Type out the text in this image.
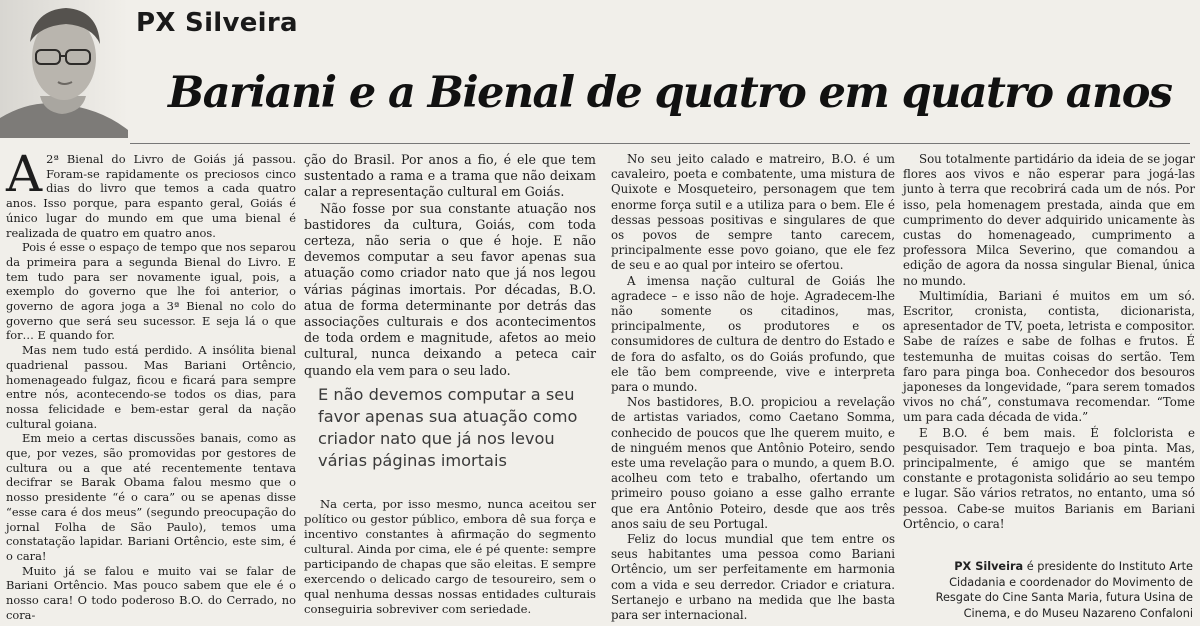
PX Silveira
Bariani e a Bienal de quatro em quatro anos

A 2ª Bienal do Livro de Goiás já passou. Foram-se rapidamente os preciosos cinco dias do livro que temos a cada quatro anos. Isso porque, para espanto geral, Goiás é único lugar do mundo em que uma bienal é realizada de quatro em quatro anos.

Pois é esse o espaço de tempo que nos separou da primeira para a segunda Bienal do Livro. E tem tudo para ser novamente igual, pois, a exemplo do governo que lhe foi anterior, o governo de agora joga a 3ª Bienal no colo do governo que será seu sucessor. E seja lá o que for… E quando for.

Mas nem tudo está perdido. A insólita bienal quadrienal passou. Mas Bariani Ortêncio, homenageado fulgaz, ficou e ficará para sempre entre nós, acontecendo-se todos os dias, para nossa felicidade e bem-estar geral da nação cultural goiana.

Em meio a certas discussões banais, como as que, por vezes, são promovidas por gestores de cultura ou a que até recentemente tentava decifrar se Barak Obama falou mesmo que o nosso presidente “é o cara” ou se apenas disse “esse cara é dos meus” (segundo preocupação do jornal Folha de São Paulo), temos uma constatação lapidar. Bariani Ortêncio, este sim, é o cara!

Muito já se falou e muito vai se falar de Bariani Ortêncio. Mas pouco sabem que ele é o nosso cara! O todo poderoso B.O. do Cerrado, no cora-

ção do Brasil. Por anos a fio, é ele que tem sustentado a rama e a trama que não deixam calar a representação cultural em Goiás.

Não fosse por sua constante atuação nos bastidores da cultura, Goiás, com toda certeza, não seria o que é hoje. E não devemos computar a seu favor apenas sua atuação como criador nato que já nos legou várias páginas imortais. Por décadas, B.O. atua de forma determinante por detrás das associações culturais e dos acontecimentos de toda ordem e magnitude, afetos ao meio cultural, nunca deixando a peteca cair quando ela vem para o seu lado.

E não devemos computar a seu favor apenas sua atuação como criador nato que já nos levou várias páginas imortais

Na certa, por isso mesmo, nunca aceitou ser político ou gestor público, embora dê sua força e incentivo constantes à afirmação do segmento cultural. Ainda por cima, ele é pé quente: sempre participando de chapas que são eleitas. E sempre exercendo o delicado cargo de tesoureiro, sem o qual nenhuma dessas nossas entidades culturais conseguiria sobreviver com seriedade.

No seu jeito calado e matreiro, B.O. é um cavaleiro, poeta e combatente, uma mistura de Quixote e Mosqueteiro, personagem que tem enorme força sutil e a utiliza para o bem. Ele é dessas pessoas positivas e singulares de que os povos de sempre tanto carecem, principalmente esse povo goiano, que ele fez de seu e ao qual por inteiro se ofertou.

A imensa nação cultural de Goiás lhe agradece – e isso não de hoje. Agradecem-lhe não somente os citadinos, mas, principalmente, os produtores e os consumidores de cultura de dentro do Estado e de fora do asfalto, os do Goiás profundo, que ele tão bem compreende, vive e interpreta para o mundo.

Nos bastidores, B.O. propiciou a revelação de artistas variados, como Caetano Somma, conhecido de poucos que lhe querem muito, e de ninguém menos que Antônio Poteiro, sendo este uma revelação para o mundo, a quem B.O. acolheu com teto e trabalho, ofertando um primeiro pouso goiano a esse galho errante que era Antônio Poteiro, desde que aos três anos saiu de seu Portugal.

Feliz do locus mundial que tem entre os seus habitantes uma pessoa como Bariani Ortêncio, um ser perfeitamente em harmonia com a vida e seu derredor. Criador e criatura. Sertanejo e urbano na medida que lhe basta para ser internacional.

Sou totalmente partidário da ideia de se jogar flores aos vivos e não esperar para jogá-las junto à terra que recobrirá cada um de nós. Por isso, pela homenagem prestada, ainda que em cumprimento do dever adquirido unicamente às custas do homenageado, cumprimento a professora Milca Severino, que comandou a edição de agora da nossa singular Bienal, única no mundo.

Multimídia, Bariani é muitos em um só. Escritor, cronista, contista, dicionarista, apresentador de TV, poeta, letrista e compositor. Sabe de raízes e sabe de folhas e frutos. É testemunha de muitas coisas do sertão. Tem faro para pinga boa. Conhecedor dos besouros japoneses da longevidade, “para serem tomados vivos no chá”, constumava recomendar. “Tome um para cada década de vida.”

E B.O. é bem mais. É folclorista e pesquisador. Tem traquejo e boa pinta. Mas, principalmente, é amigo que se mantém constante e protagonista solidário ao seu tempo e lugar. São vários retratos, no entanto, uma só pessoa. Cabe-se muitos Barianis em Bariani Ortêncio, o cara!

PX Silveira é presidente do Instituto Arte Cidadania e coordenador do Movimento de Resgate do Cine Santa Maria, futura Usina de Cinema, e do Museu Nazareno Confaloni
